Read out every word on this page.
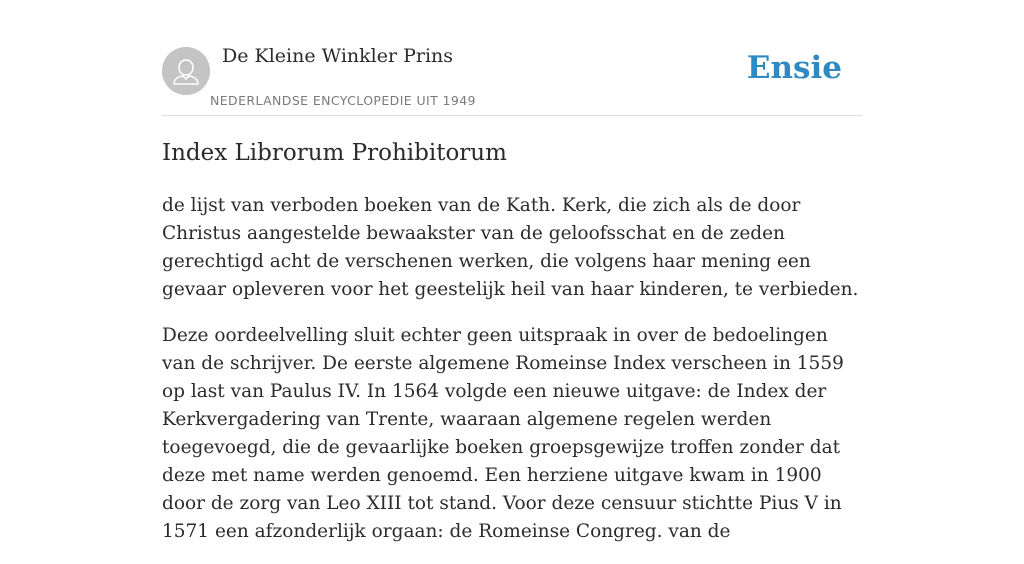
De Kleine Winkler Prins
NEDERLANDSE ENCYCLOPEDIE UIT 1949
Ensie
Index Librorum Prohibitorum

de lijst van verboden boeken van de Kath. Kerk, die zich als de door Christus aangestelde bewaakster van de geloofsschat en de zeden gerechtigd acht de verschenen werken, die volgens haar mening een gevaar opleveren voor het geestelijk heil van haar kinderen, te verbieden.

Deze oordeelvelling sluit echter geen uitspraak in over de bedoelingen van de schrijver. De eerste algemene Romeinse Index verscheen in 1559 op last van Paulus IV. In 1564 volgde een nieuwe uitgave: de Index der Kerkvergadering van Trente, waaraan algemene regelen werden toegevoegd, die de gevaarlijke boeken groepsgewijze troffen zonder dat deze met name werden genoemd. Een herziene uitgave kwam in 1900 door de zorg van Leo XIII tot stand. Voor deze censuur stichtte Pius V in 1571 een afzonderlijk orgaan: de Romeinse Congreg. van de
